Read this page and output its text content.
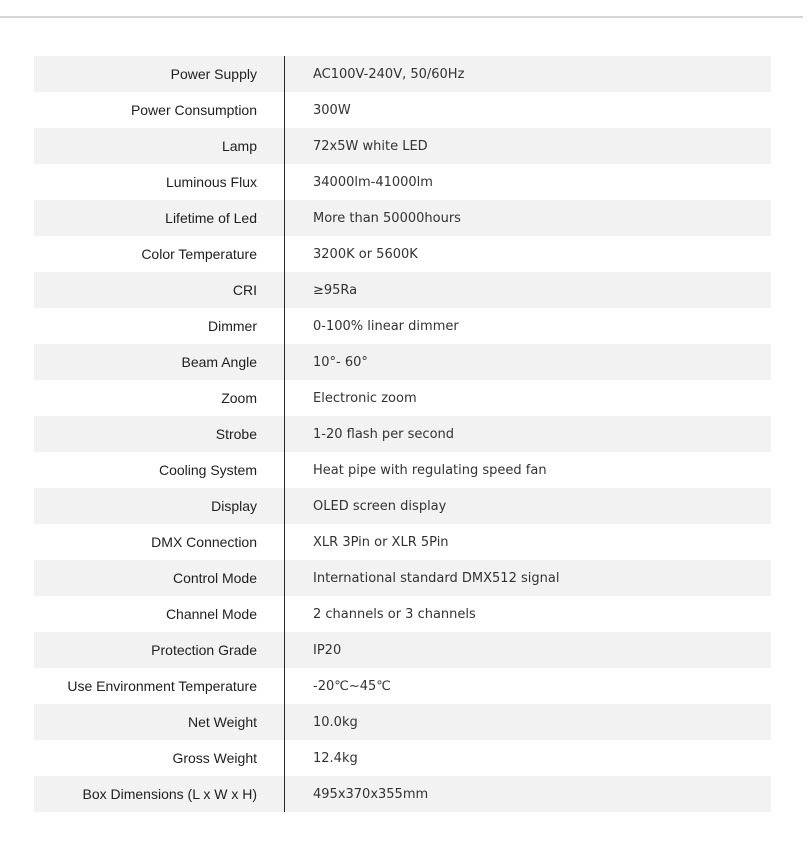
Power Supply	AC100V-240V, 50/60Hz
Power Consumption	300W
Lamp	72x5W white LED
Luminous Flux	34000lm-41000lm
Lifetime of Led	More than 50000hours
Color Temperature	3200K or 5600K
CRI	≥95Ra
Dimmer	0-100% linear dimmer
Beam Angle	10°- 60°
Zoom	Electronic zoom
Strobe	1-20 flash per second
Cooling System	Heat pipe with regulating speed fan
Display	OLED screen display
DMX Connection	XLR 3Pin or XLR 5Pin
Control Mode	International standard DMX512 signal
Channel Mode	2 channels or 3 channels
Protection Grade	IP20
Use Environment Temperature	-20℃~45℃
Net Weight	10.0kg
Gross Weight	12.4kg
Box Dimensions (L x W x H)	495x370x355mm
